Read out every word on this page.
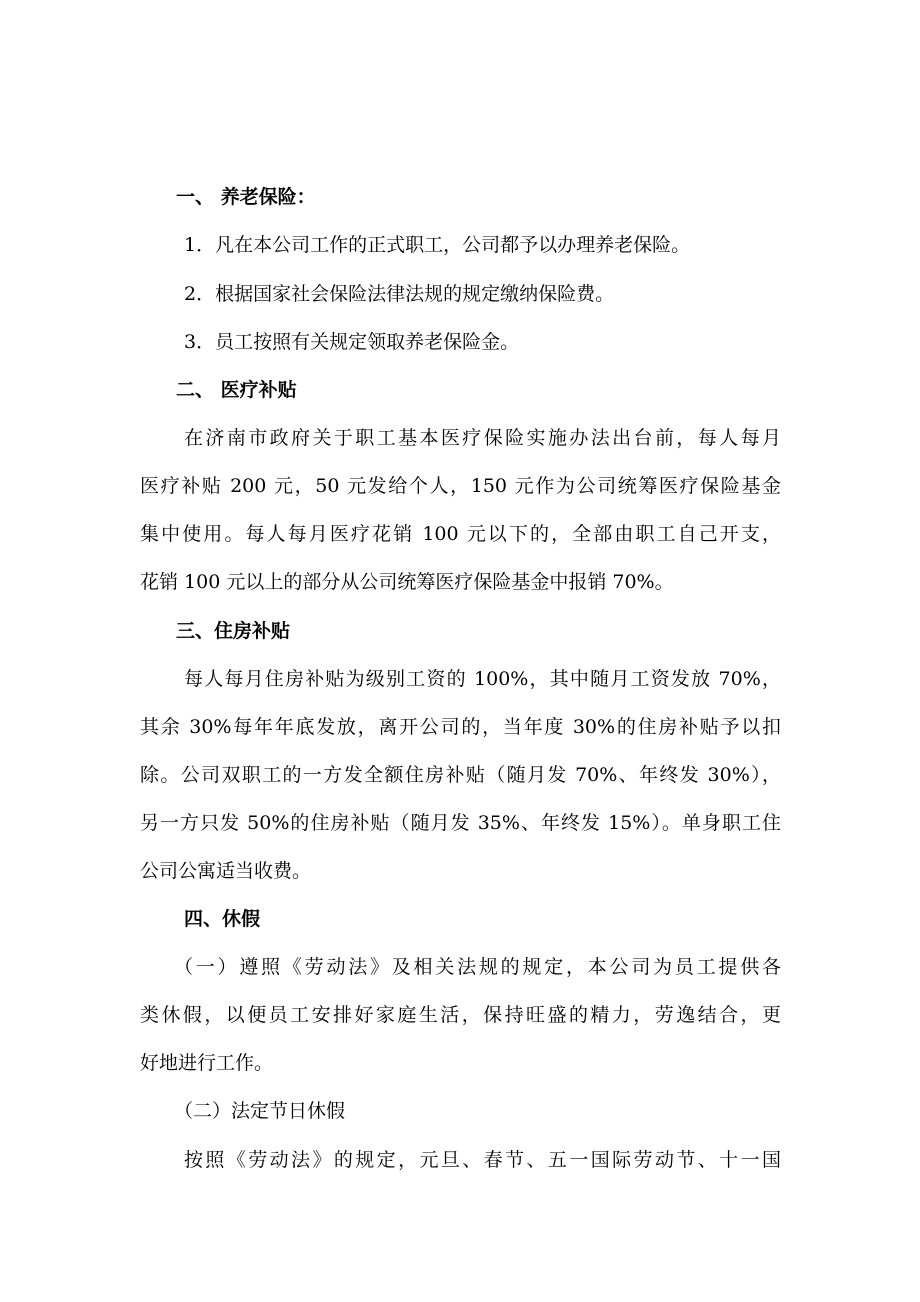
一、 养老保险：

1．凡在本公司工作的正式职工，公司都予以办理养老保险。

2．根据国家社会保险法律法规的规定缴纳保险费。

3．员工按照有关规定领取养老保险金。

二、 医疗补贴

在济南市政府关于职工基本医疗保险实施办法出台前，每人每月

医疗补贴 200 元，50 元发给个人，150 元作为公司统筹医疗保险基金

集中使用。每人每月医疗花销 100 元以下的，全部由职工自己开支，

花销 100 元以上的部分从公司统筹医疗保险基金中报销 70%。

三、住房补贴

每人每月住房补贴为级别工资的 100%，其中随月工资发放 70%，

其余 30%每年年底发放，离开公司的，当年度 30%的住房补贴予以扣

除。公司双职工的一方发全额住房补贴（随月发 70%、年终发 30%），

另一方只发 50%的住房补贴（随月发 35%、年终发 15%）。单身职工住

公司公寓适当收费。

四、休假

（一）遵照《劳动法》及相关法规的规定，本公司为员工提供各

类休假，以便员工安排好家庭生活，保持旺盛的精力，劳逸结合，更

好地进行工作。

（二）法定节日休假

按照《劳动法》的规定，元旦、春节、五一国际劳动节、十一国
